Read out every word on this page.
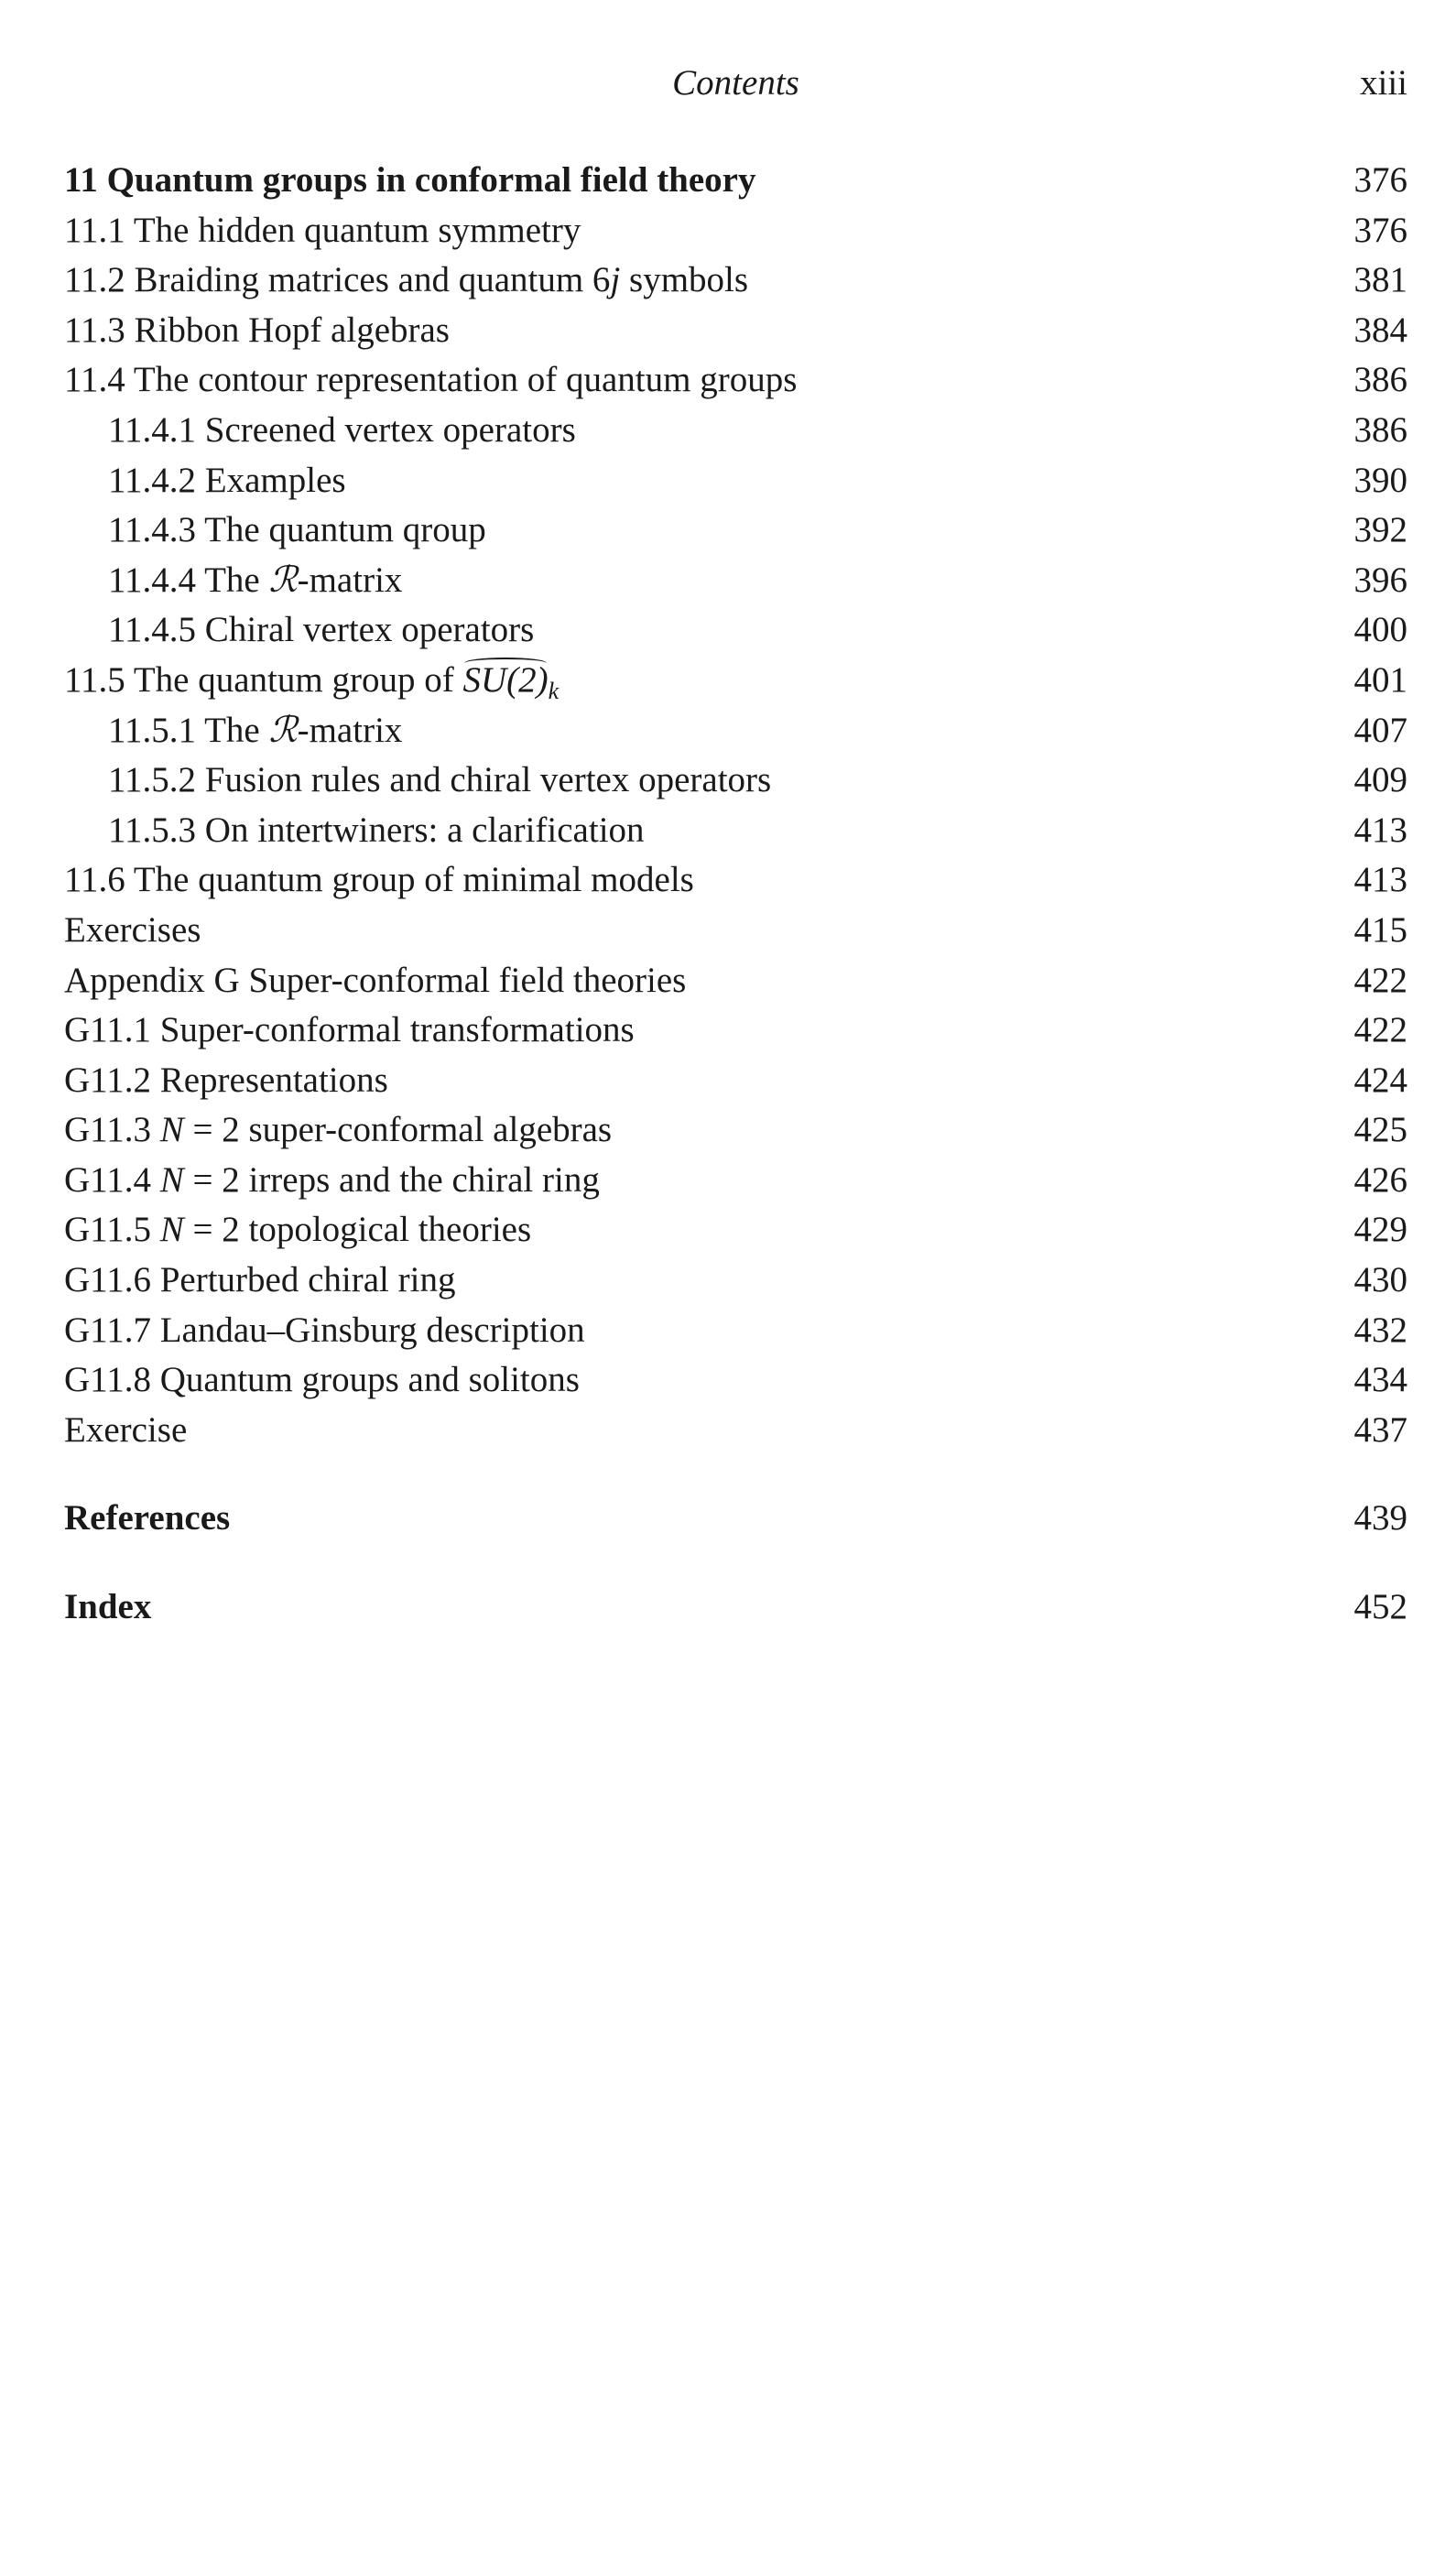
Contents	xiii
11 Quantum groups in conformal field theory	376
11.1 The hidden quantum symmetry	376
11.2 Braiding matrices and quantum 6j symbols	381
11.3 Ribbon Hopf algebras	384
11.4 The contour representation of quantum groups	386
11.4.1 Screened vertex operators	386
11.4.2 Examples	390
11.4.3 The quantum qroup	392
11.4.4 The ℛ-matrix	396
11.4.5 Chiral vertex operators	400
11.5 The quantum group of $SU(2)_k$	401
11.5.1 The ℛ-matrix	407
11.5.2 Fusion rules and chiral vertex operators	409
11.5.3 On intertwiners: a clarification	413
11.6 The quantum group of minimal models	413
Exercises	415
Appendix G Super-conformal field theories	422
G11.1 Super-conformal transformations	422
G11.2 Representations	424
G11.3 N = 2 super-conformal algebras	425
G11.4 N = 2 irreps and the chiral ring	426
G11.5 N = 2 topological theories	429
G11.6 Perturbed chiral ring	430
G11.7 Landau–Ginsburg description	432
G11.8 Quantum groups and solitons	434
Exercise	437
References	439
Index	452
